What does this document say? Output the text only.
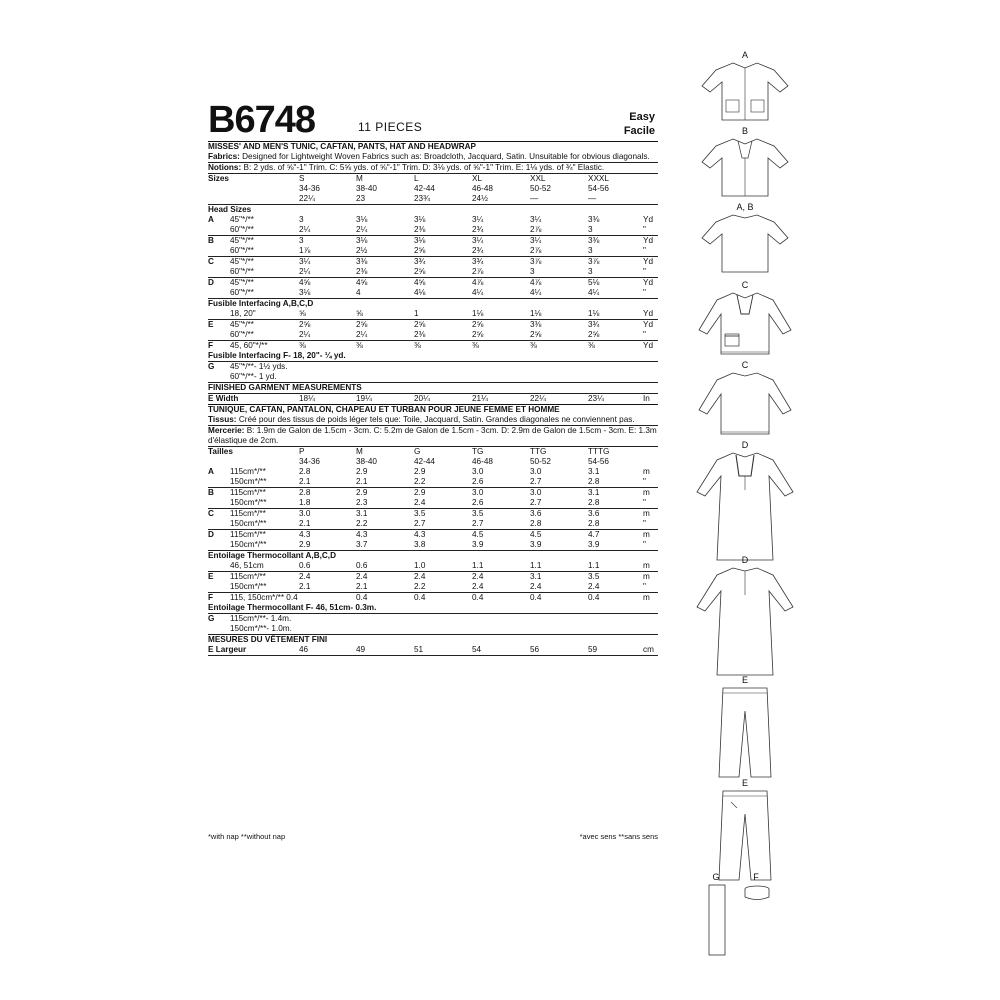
B6748	11 PIECES
Easy
Facile
MISSES' AND MEN'S TUNIC, CAFTAN, PANTS, HAT AND HEADWRAP
Fabrics: Designed for Lightweight Woven Fabrics such as: Broadcloth, Jacquard, Satin. Unsuitable for obvious diagonals.
Notions: B: 2 yds. of ⅝"-1" Trim. C: 5⅝ yds. of ⅝"-1" Trim. D: 3⅛ yds. of ⅝"-1" Trim. E: 1⅛ yds. of ¾" Elastic.
Sizes	S	M	L	XL	XXL	XXXL
34-36	38-40	42-44	46-48	50-52	54-56
22¼	23	23¾	24½	—	—
Head Sizes
A 45"*/**	3	3⅛	3⅛	3¼	3¼	3⅜	Yd
60"*/**	2¼	2¼	2⅜	2¾	2⅞	3	"
B 45"*/**	3	3⅛	3⅛	3¼	3¼	3⅜	Yd
60"*/**	1⅞	2½	2⅝	2¾	2⅞	3	"
C 45"*/**	3¼	3⅜	3¾	3¾	3⅞	3⅞	Yd
60"*/**	2¼	2⅜	2⅝	2⅞	3	3	"
D 45"*/**	4⅝	4⅝	4⅝	4⅞	4⅞	5⅛	Yd
60"*/**	3⅛	4	4⅛	4¼	4¼	4¼	"
Fusible Interfacing A,B,C,D
18, 20"	⅝	⅝	1	1⅛	1⅛	1⅛	Yd
E 45"*/**	2⅝	2⅝	2⅝	2⅝	3⅜	3¾	Yd
60"*/**	2¼	2¼	2⅜	2⅝	2⅝	2⅝	"
F 45, 60"*/**	⅜	⅜	⅜	⅜	⅜	⅜	Yd
Fusible Interfacing F- 18, 20"- ¼ yd.
G 45"*/**- 1½ yds.
60"*/**- 1 yd.
FINISHED GARMENT MEASUREMENTS
E Width	18¼	19¼	20¼	21¼	22¼	23¼	In
TUNIQUE, CAFTAN, PANTALON, CHAPEAU ET TURBAN POUR JEUNE FEMME ET HOMME
Tissus: Créé pour des tissus de poids léger tels que: Toile, Jacquard, Satin. Grandes diagonales ne conviennent pas.
Mercerie: B: 1.9m de Galon de 1.5cm - 3cm. C: 5.2m de Galon de 1.5cm - 3cm. D: 2.9m de Galon de 1.5cm - 3cm. E: 1.3m d'élastique de 2cm.
Tailles	P	M	G	TG	TTG	TTTG
34-36	38-40	42-44	46-48	50-52	54-56
A 115cm*/**	2.8	2.9	2.9	3.0	3.0	3.1	m
150cm*/**	2.1	2.1	2.2	2.6	2.7	2.8	"
B 115cm*/**	2.8	2.9	2.9	3.0	3.0	3.1	m
150cm*/**	1.8	2.3	2.4	2.6	2.7	2.8	"
C 115cm*/**	3.0	3.1	3.5	3.5	3.6	3.6	m
150cm*/**	2.1	2.2	2.7	2.7	2.8	2.8	"
D 115cm*/**	4.3	4.3	4.3	4.5	4.5	4.7	m
150cm*/**	2.9	3.7	3.8	3.9	3.9	3.9	"
Entoilage Thermocollant A,B,C,D
46, 51cm	0.6	0.6	1.0	1.1	1.1	1.1	m
E 115cm*/**	2.4	2.4	2.4	2.4	3.1	3.5	m
150cm*/**	2.1	2.1	2.2	2.4	2.4	2.4	"
F 115, 150cm*/** 0.4	0.4	0.4	0.4	0.4	0.4	m
Entoilage Thermocollant F- 46, 51cm- 0.3m.
G 115cm*/**- 1.4m.
150cm*/**- 1.0m.
MESURES DU VÊTEMENT FINI
E Largeur	46	49	51	54	56	59	cm
*with nap **without nap	*avec sens **sans sens
A
B
A, B
C
C
D
D
E
E
G	F
